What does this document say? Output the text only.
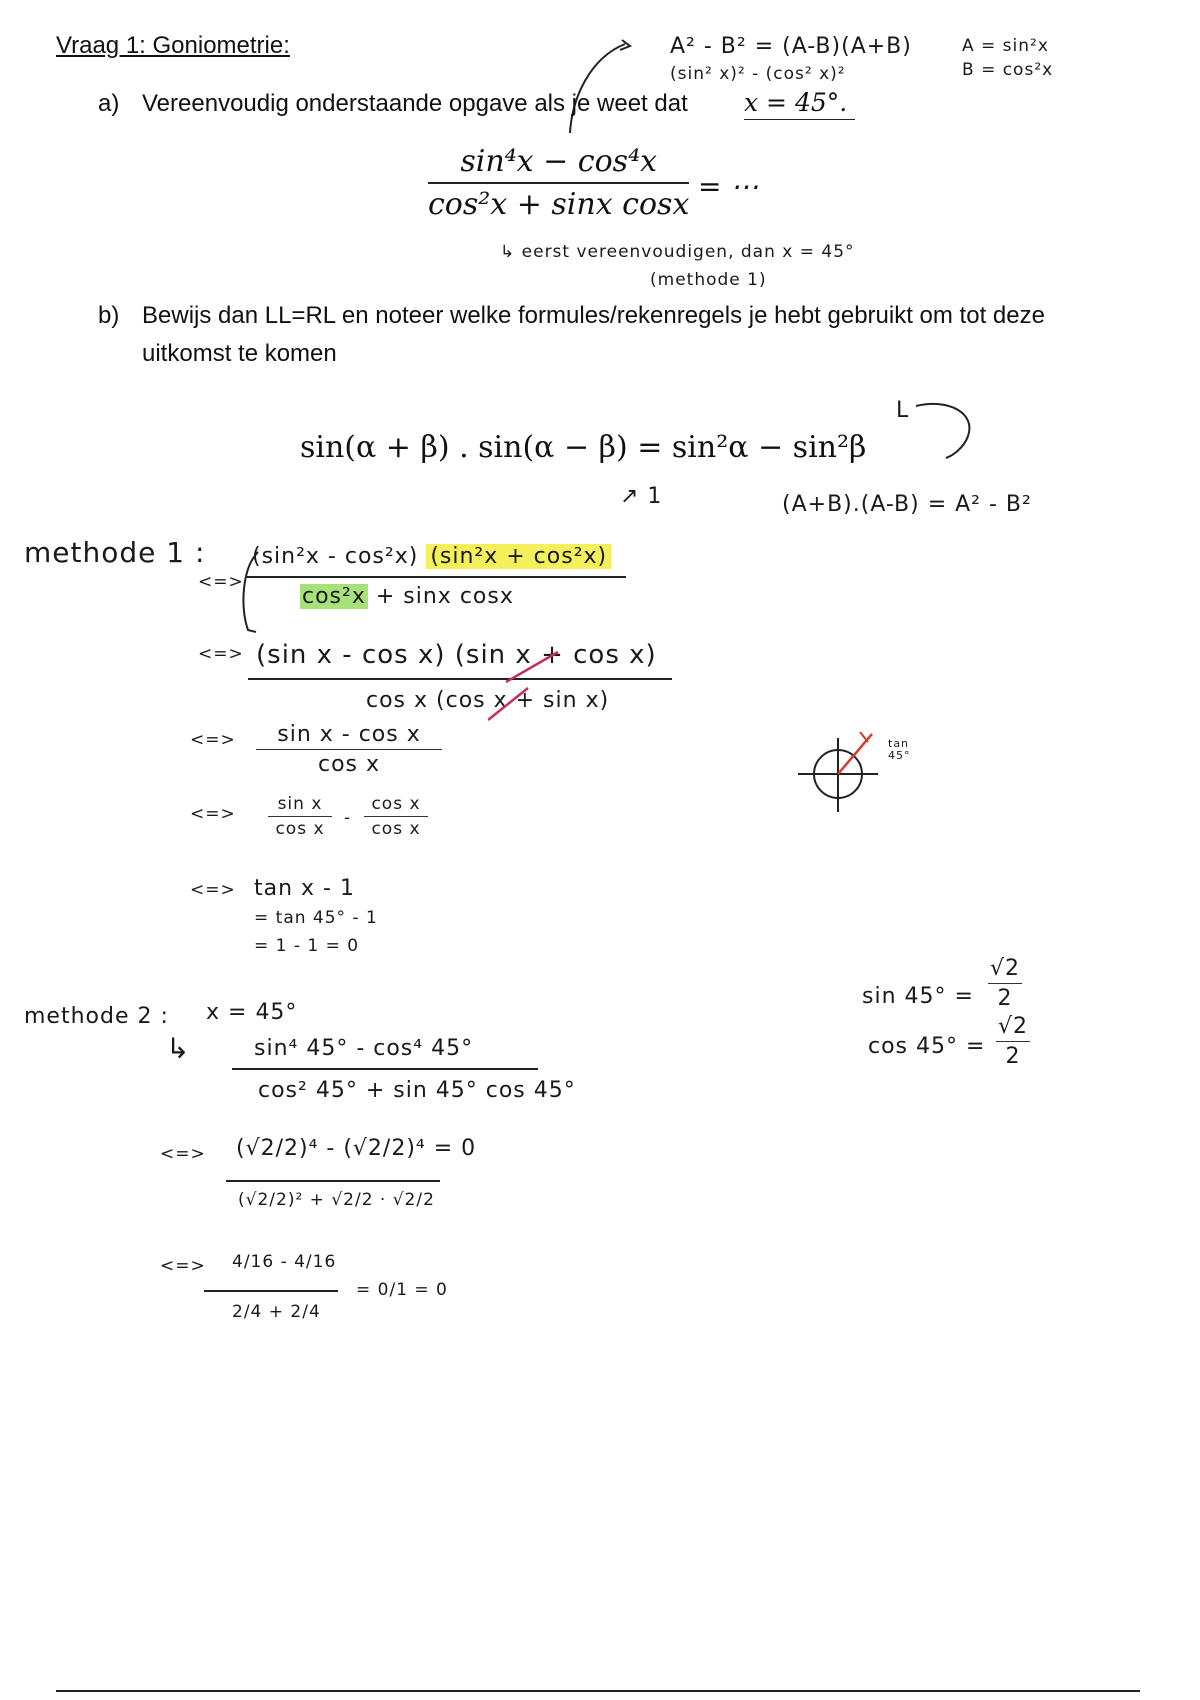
Vraag 1: Goniometrie:	A² - B² = (A-B)(A+B)
(sin² x)² - (cos² x)²
A = sin²x
B = cos²x
a) Vereenvoudig onderstaande opgave als je weet dat x = 45°.
sin⁴x − cos⁴x
cos²x + sinx cosx
= ⋯
↳ eerst vereenvoudigen, dan x = 45°
(methode 1)
b) Bewijs dan LL=RL en noteer welke formules/rekenregels je hebt gebruikt om tot deze
uitkomst te komen
sin(α + β) . sin(α − β) = sin²α − sin²β
L
↗ 1	(A+B).(A-B) = A² - B²
methode 1 :
<=>
(sin²x - cos²x) (sin²x + cos²x)
cos²x + sinx cosx
<=> (sin x - cos x) (sin x + cos x)
cos x (cos x + sin x)
<=> sin x - cos x
cos x
<=> sin x
cos x
-
cos x
cos x
<=> tan x - 1
= tan 45° - 1
= 1 - 1 = 0
tan 45°
methode 2 : x = 45°
↳	sin⁴ 45° - cos⁴ 45°
cos² 45° + sin 45° cos 45°
<=> (√2/2)⁴ - (√2/2)⁴ = 0
(√2/2)² + √2/2 · √2/2
<=> 4/16 - 4/16
2/4 + 2/4
= 0/1 = 0
sin 45° =
√2
2
cos 45° =
√2
2
